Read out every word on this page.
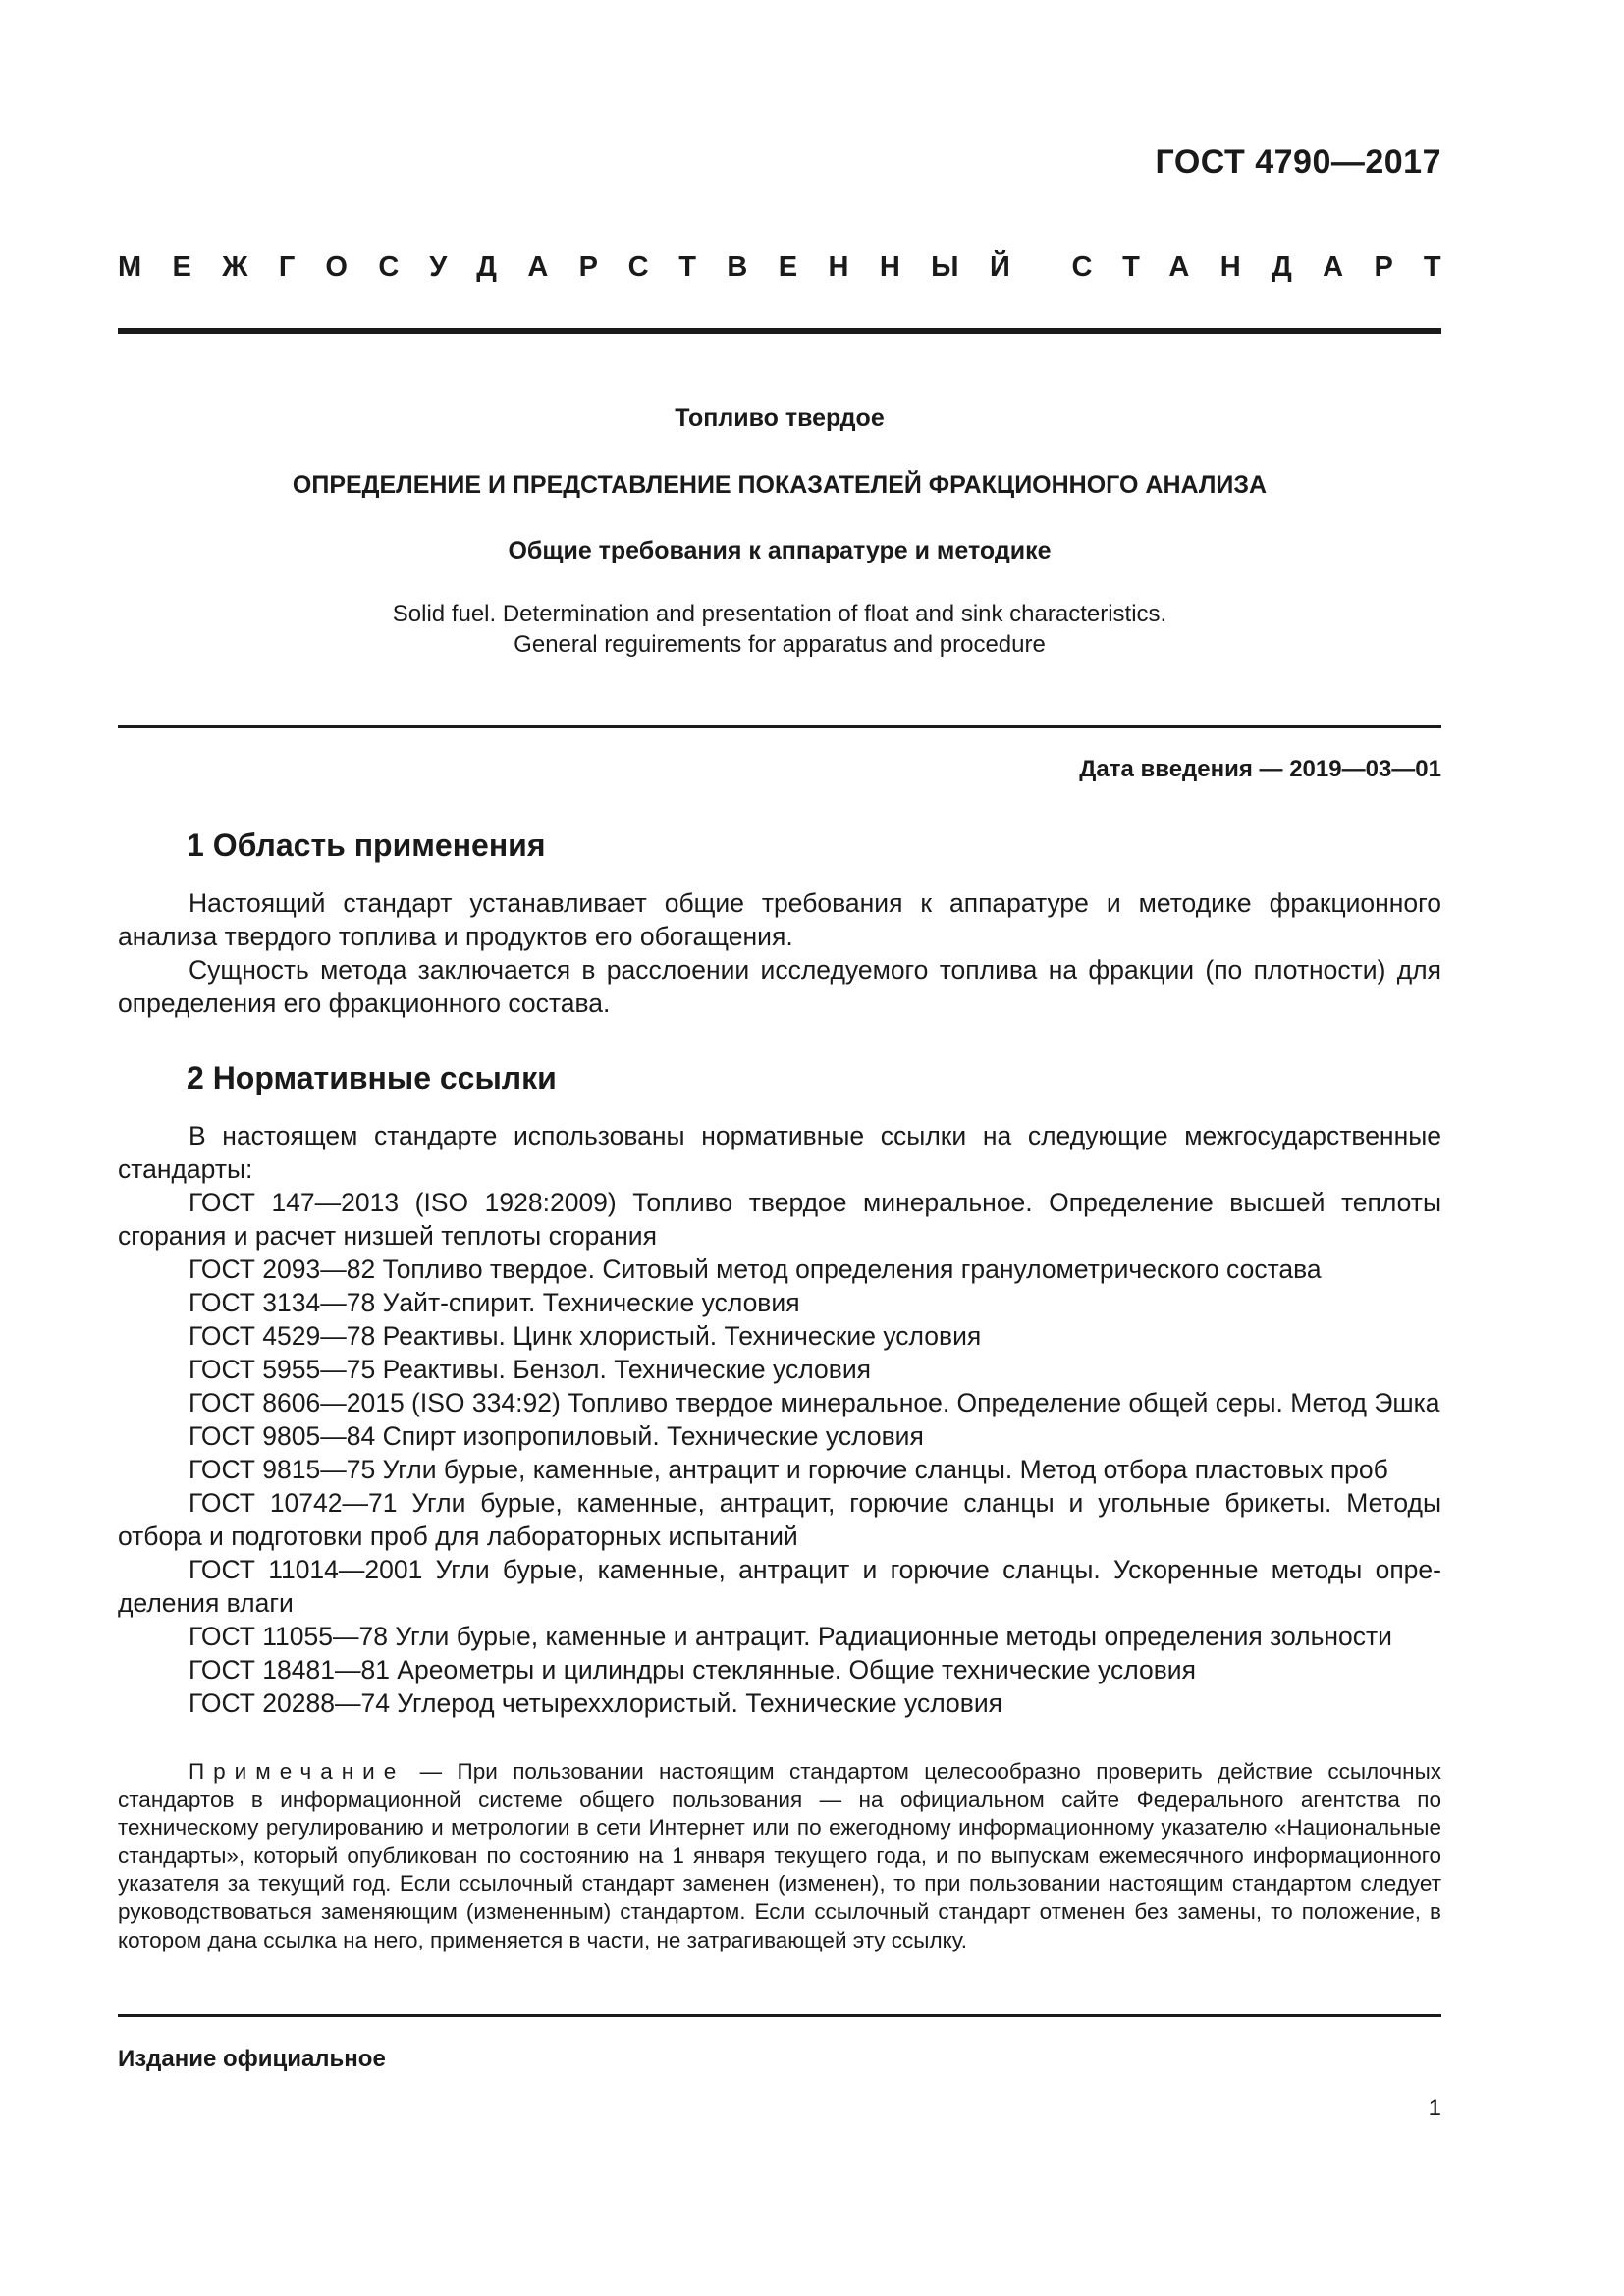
ГОСТ 4790—2017
МЕЖГОСУДАРСТВЕННЫЙ СТАНДАРТ
Топливо твердое
ОПРЕДЕЛЕНИЕ И ПРЕДСТАВЛЕНИЕ ПОКАЗАТЕЛЕЙ ФРАКЦИОННОГО АНАЛИЗА
Общие требования к аппаратуре и методике
Solid fuel. Determination and presentation of float and sink characteristics.
General reguirements for apparatus and procedure
Дата введения — 2019—03—01
1 Область применения

Настоящий стандарт устанавливает общие требования к аппаратуре и методике фракционного анализа твердого топлива и продуктов его обогащения.

Сущность метода заключается в расслоении исследуемого топлива на фракции (по плотности) для определения его фракционного состава.

2 Нормативные ссылки

В настоящем стандарте использованы нормативные ссылки на следующие межгосударственные стандарты:

ГОСТ 147—2013 (ISO 1928:2009) Топливо твердое минеральное. Определение высшей теплоты сгорания и расчет низшей теплоты сгорания

ГОСТ 2093—82 Топливо твердое. Ситовый метод определения гранулометрического состава

ГОСТ 3134—78 Уайт-спирит. Технические условия

ГОСТ 4529—78 Реактивы. Цинк хлористый. Технические условия

ГОСТ 5955—75 Реактивы. Бензол. Технические условия

ГОСТ 8606—2015 (ISO 334:92) Топливо твердое минеральное. Определение общей серы. Метод Эшка

ГОСТ 9805—84 Спирт изопропиловый. Технические условия

ГОСТ 9815—75 Угли бурые, каменные, антрацит и горючие сланцы. Метод отбора пластовых проб

ГОСТ 10742—71 Угли бурые, каменные, антрацит, горючие сланцы и угольные брикеты. Методы отбора и подготовки проб для лабораторных испытаний

ГОСТ 11014—2001 Угли бурые, каменные, антрацит и горючие сланцы. Ускоренные методы опре-деления влаги

ГОСТ 11055—78 Угли бурые, каменные и антрацит. Радиационные методы определения зольности

ГОСТ 18481—81 Ареометры и цилиндры стеклянные. Общие технические условия

ГОСТ 20288—74 Углерод четыреххлористый. Технические условия

Примечание — При пользовании настоящим стандартом целесообразно проверить действие ссылочных стандартов в информационной системе общего пользования — на официальном сайте Федерального агентства по техническому регулированию и метрологии в сети Интернет или по ежегодному информационному указателю «Национальные стандарты», который опубликован по состоянию на 1 января текущего года, и по выпускам ежемесячного информационного указателя за текущий год. Если ссылочный стандарт заменен (изменен), то при пользовании настоящим стандартом следует руководствоваться заменяющим (измененным) стандартом. Если ссылочный стандарт отменен без замены, то положение, в котором дана ссылка на него, применяется в части, не затрагивающей эту ссылку.
Издание официальное
1
